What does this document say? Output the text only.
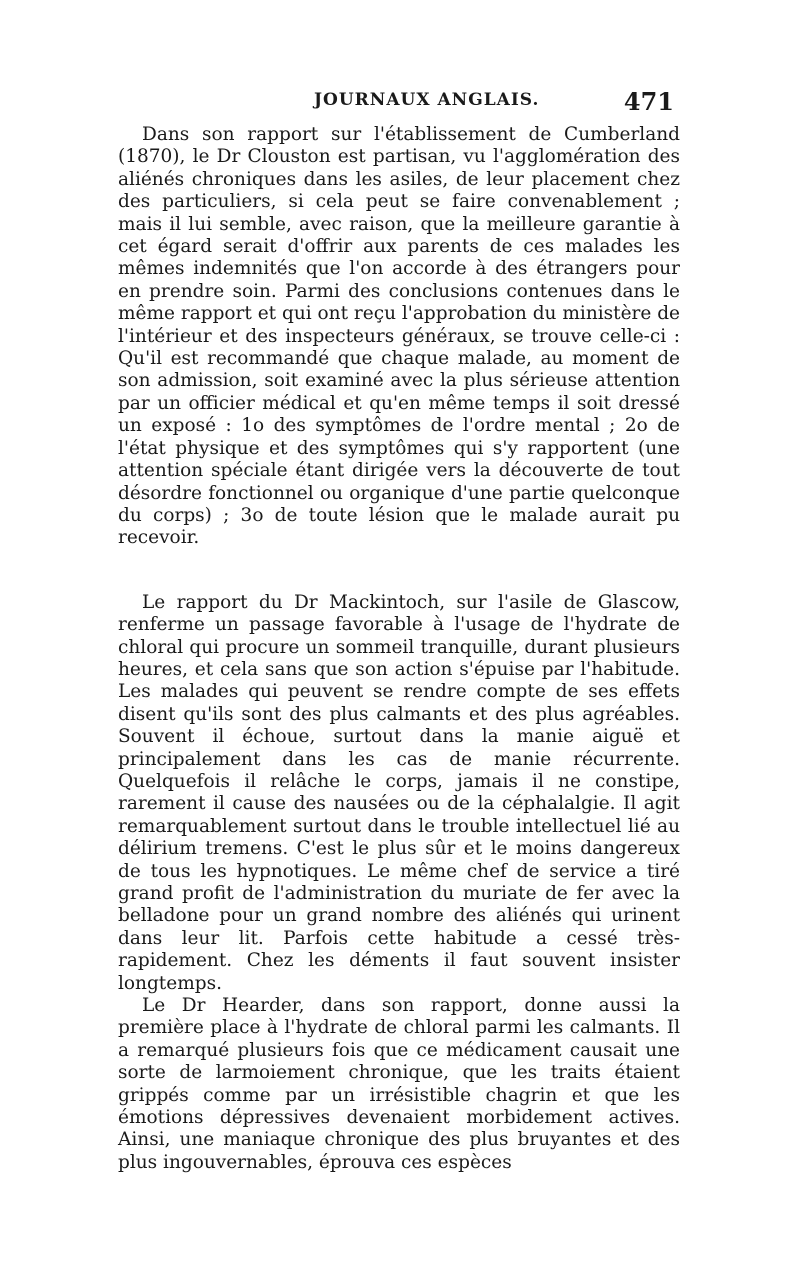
JOURNAUX ANGLAIS.	471

Dans son rapport sur l'établissement de Cumberland (1870), le Dr Clouston est partisan, vu l'agglomération des aliénés chroniques dans les asiles, de leur placement chez des particuliers, si cela peut se faire convenablement ; mais il lui semble, avec raison, que la meilleure garantie à cet égard serait d'offrir aux parents de ces malades les mêmes indemnités que l'on accorde à des étrangers pour en prendre soin. Parmi des conclusions contenues dans le même rapport et qui ont reçu l'approbation du ministère de l'intérieur et des inspecteurs généraux, se trouve celle-ci : Qu'il est recommandé que chaque malade, au moment de son admission, soit examiné avec la plus sérieuse attention par un officier médical et qu'en même temps il soit dressé un exposé : 1o des symptômes de l'ordre mental ; 2o de l'état physique et des symptômes qui s'y rapportent (une attention spéciale étant dirigée vers la découverte de tout désordre fonctionnel ou organique d'une partie quelconque du corps) ; 3o de toute lésion que le malade aurait pu recevoir.

Le rapport du Dr Mackintoch, sur l'asile de Glascow, renferme un passage favorable à l'usage de l'hydrate de chloral qui procure un sommeil tranquille, durant plusieurs heures, et cela sans que son action s'épuise par l'habitude. Les malades qui peuvent se rendre compte de ses effets disent qu'ils sont des plus calmants et des plus agréables. Souvent il échoue, surtout dans la manie aiguë et principalement dans les cas de manie récurrente. Quelquefois il relâche le corps, jamais il ne constipe, rarement il cause des nausées ou de la céphalalgie. Il agit remarquablement surtout dans le trouble intellectuel lié au délirium tremens. C'est le plus sûr et le moins dangereux de tous les hypnotiques. Le même chef de service a tiré grand profit de l'administration du muriate de fer avec la belladone pour un grand nombre des aliénés qui urinent dans leur lit. Parfois cette habitude a cessé très-rapidement. Chez les déments il faut souvent insister longtemps.

Le Dr Hearder, dans son rapport, donne aussi la première place à l'hydrate de chloral parmi les calmants. Il a remarqué plusieurs fois que ce médicament causait une sorte de larmoiement chronique, que les traits étaient grippés comme par un irrésistible chagrin et que les émotions dépressives devenaient morbidement actives. Ainsi, une maniaque chronique des plus bruyantes et des plus ingouvernables, éprouva ces espèces
